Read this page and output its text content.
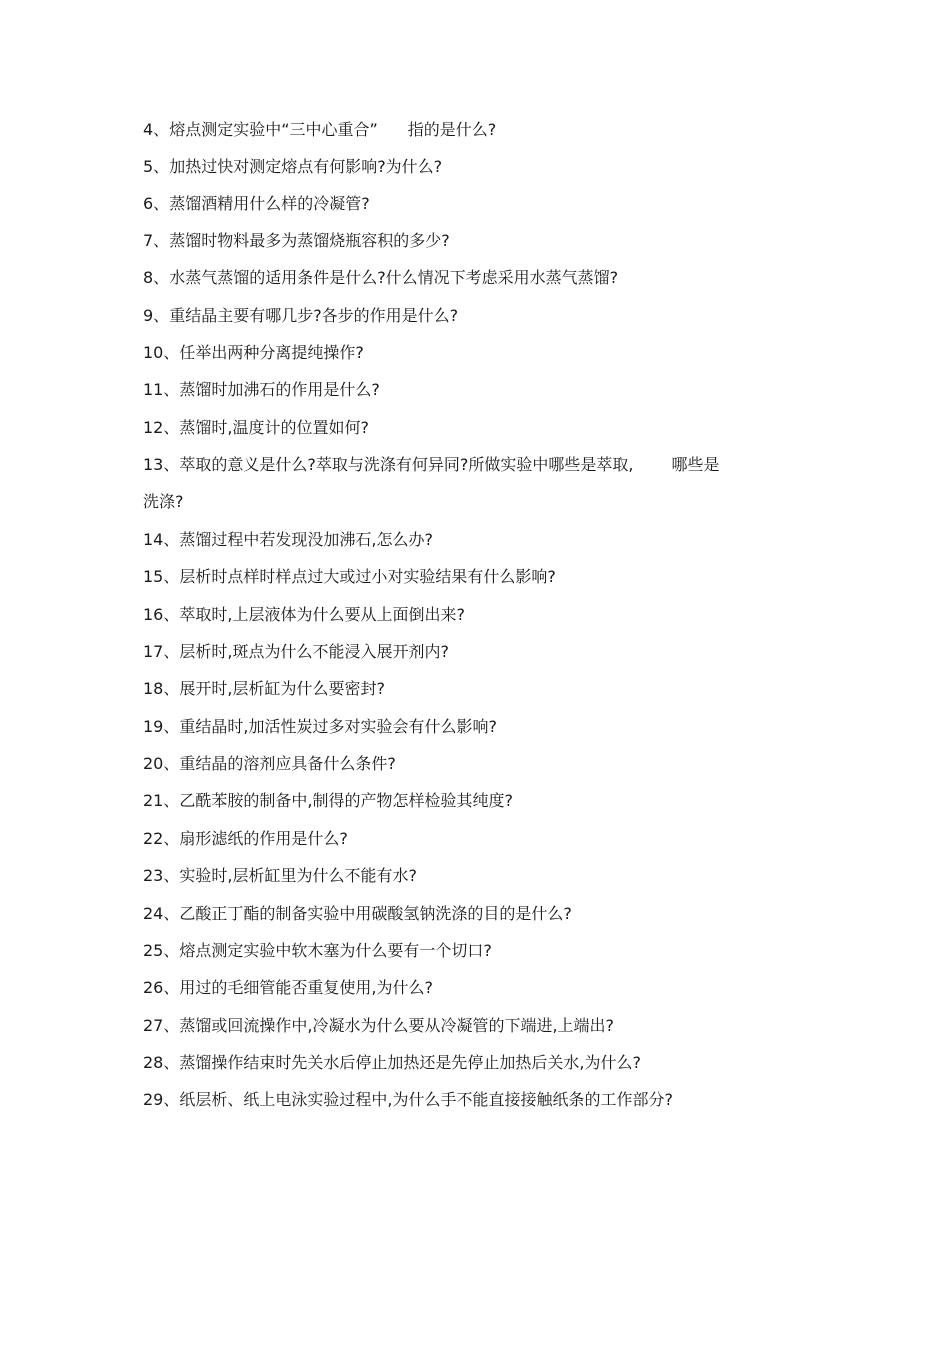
4、熔点测定实验中“三中心重合” 指的是什么?
5、加热过快对测定熔点有何影响?为什么?
6、蒸馏酒精用什么样的冷凝管?
7、蒸馏时物料最多为蒸馏烧瓶容积的多少?
8、水蒸气蒸馏的适用条件是什么?什么情况下考虑采用水蒸气蒸馏?
9、重结晶主要有哪几步?各步的作用是什么?
10、任举出两种分离提纯操作?
11、蒸馏时加沸石的作用是什么?
12、蒸馏时,温度计的位置如何?
13、萃取的意义是什么?萃取与洗涤有何异同?所做实验中哪些是萃取, 哪些是
洗涤?
14、蒸馏过程中若发现没加沸石,怎么办?
15、层析时点样时样点过大或过小对实验结果有什么影响?
16、萃取时,上层液体为什么要从上面倒出来?
17、层析时,斑点为什么不能浸入展开剂内?
18、展开时,层析缸为什么要密封?
19、重结晶时,加活性炭过多对实验会有什么影响?
20、重结晶的溶剂应具备什么条件?
21、乙酰苯胺的制备中,制得的产物怎样检验其纯度?
22、扇形滤纸的作用是什么?
23、实验时,层析缸里为什么不能有水?
24、乙酸正丁酯的制备实验中用碳酸氢钠洗涤的目的是什么?
25、熔点测定实验中软木塞为什么要有一个切口?
26、用过的毛细管能否重复使用,为什么?
27、蒸馏或回流操作中,冷凝水为什么要从冷凝管的下端进,上端出?
28、蒸馏操作结束时先关水后停止加热还是先停止加热后关水,为什么?
29、纸层析、纸上电泳实验过程中,为什么手不能直接接触纸条的工作部分?
